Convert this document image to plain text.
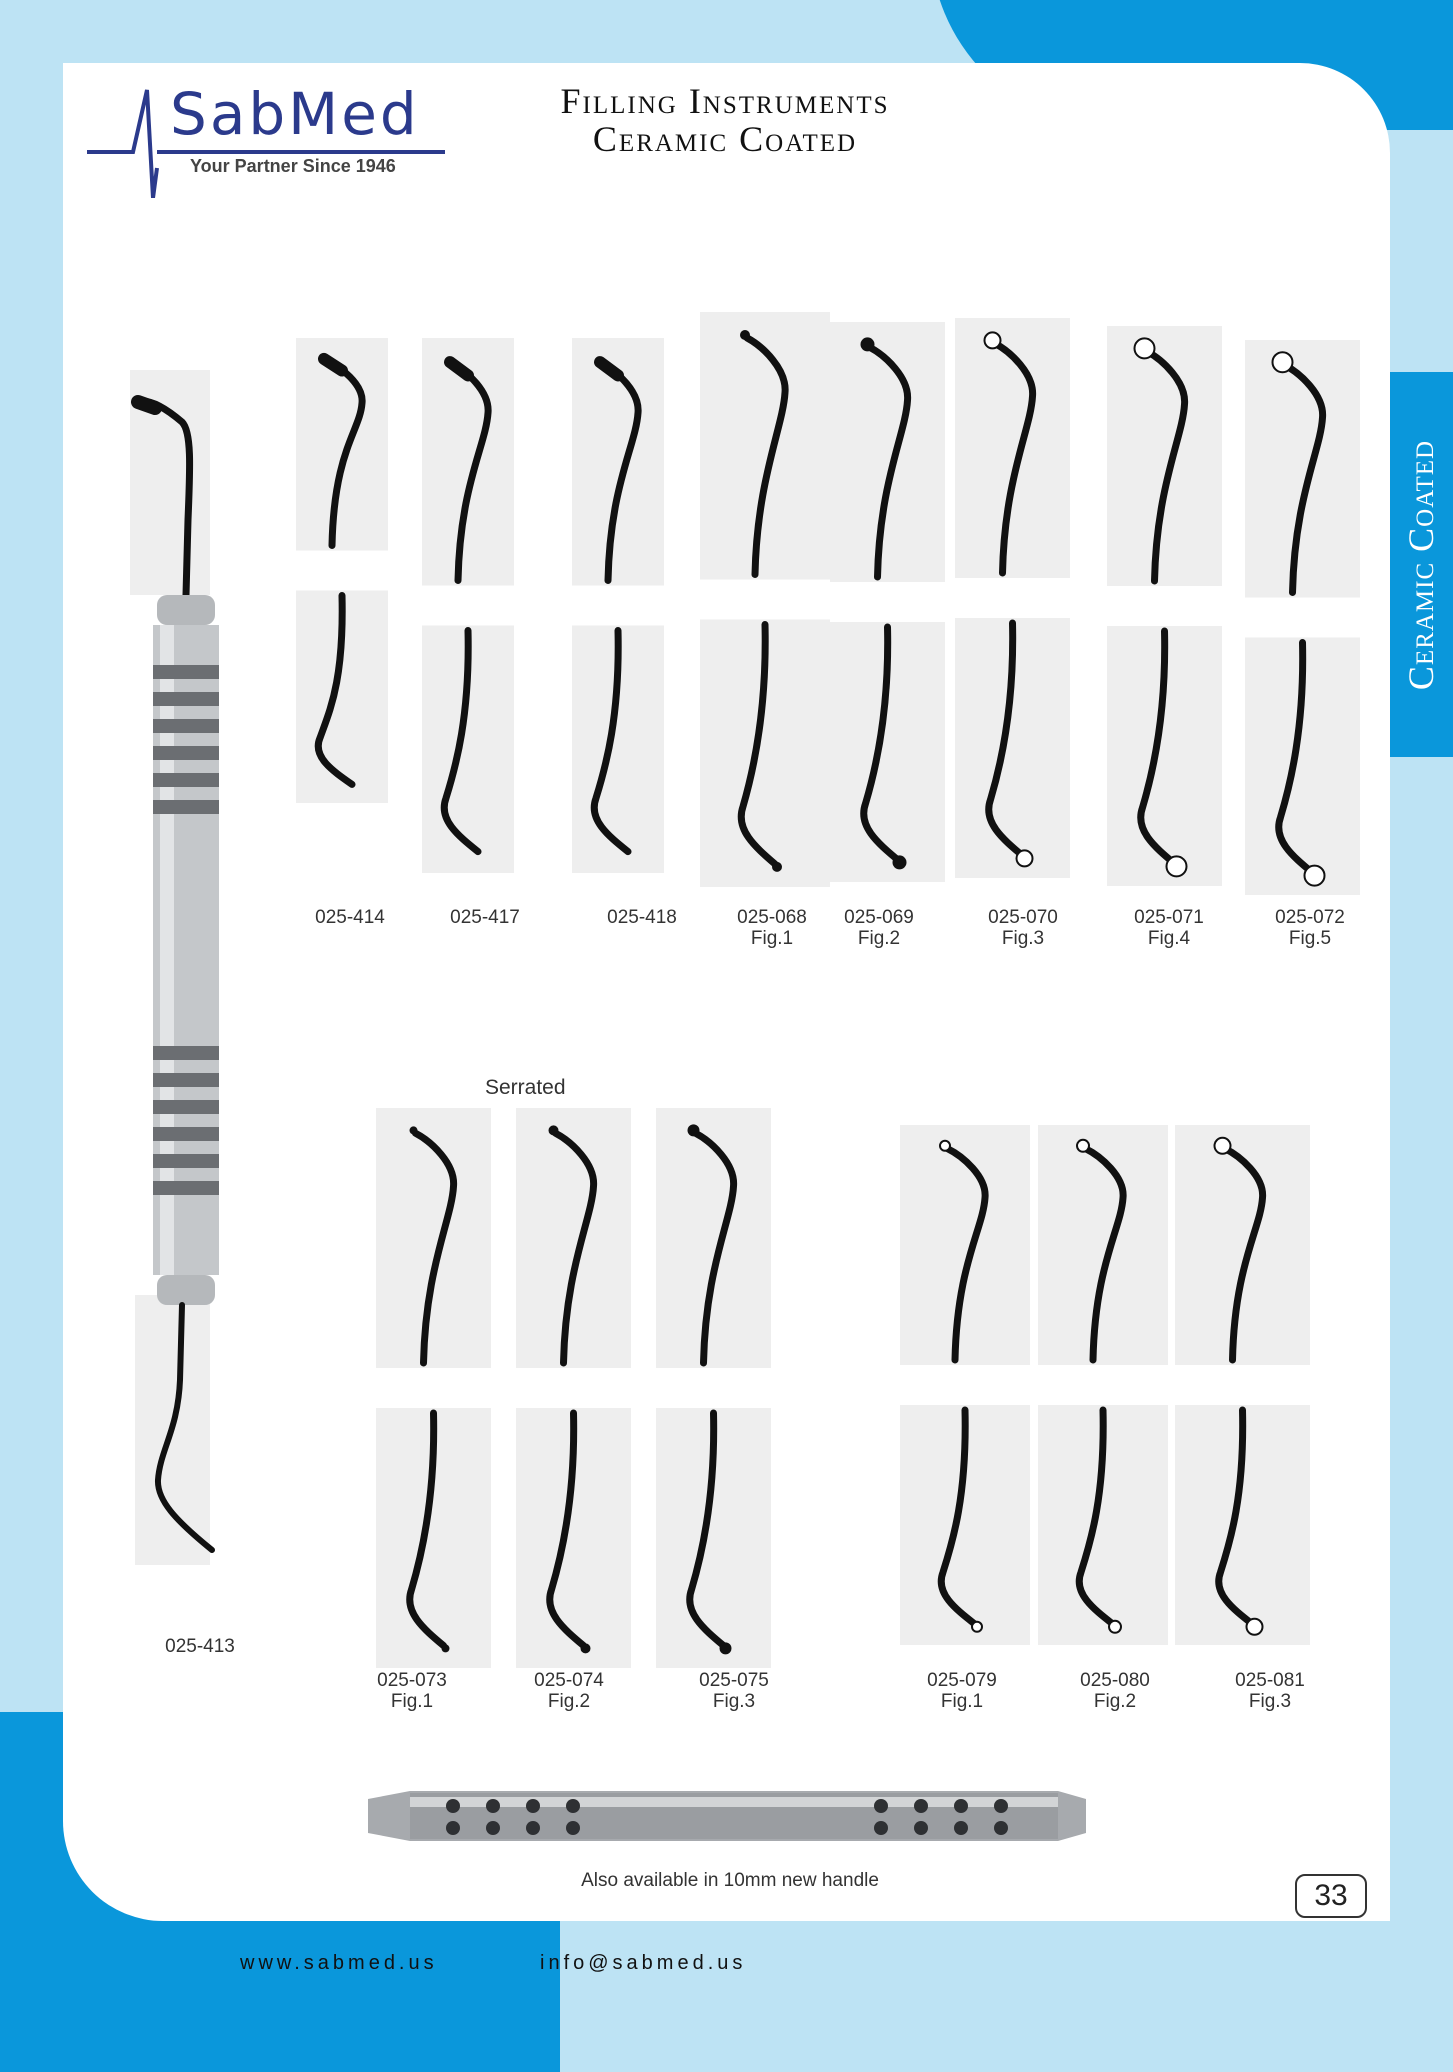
Ceramic Coated
SabMed
Your Partner Since 1946
Filling Instruments
Ceramic Coated
025-413
025-414	025-417	025-418	025-068
Fig.1
025-069
Fig.2
025-070
Fig.3
025-071
Fig.4
025-072
Fig.5
Serrated
025-073
Fig.1
025-074
Fig.2
025-075
Fig.3
025-079
Fig.1
025-080
Fig.2
025-081
Fig.3
Also available in 10mm new handle	33
www.sabmed.us	info@sabmed.us
